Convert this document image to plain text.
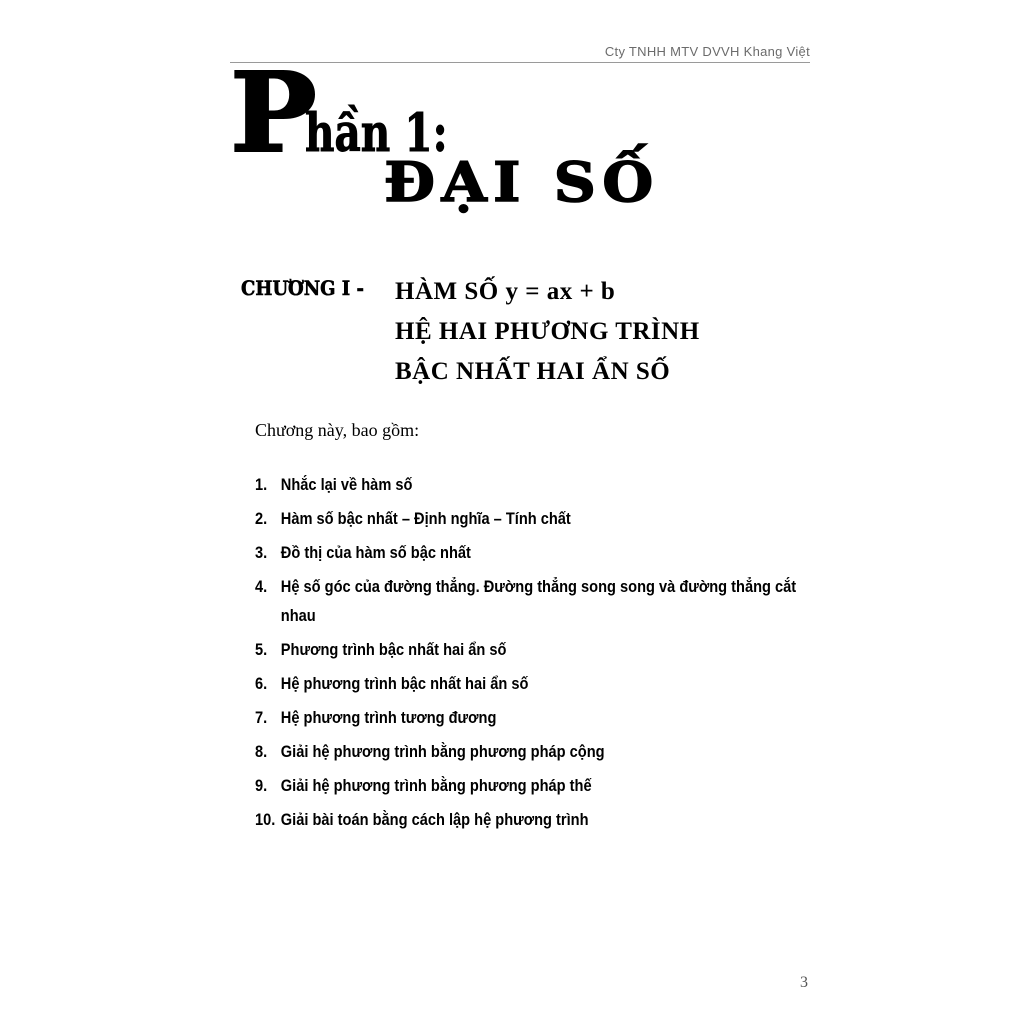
Cty TNHH MTV DVVH Khang Việt
Phần 1:
ĐẠI SỐ
CHƯƠNG I - HÀM SỐ y = ax + b
HỆ HAI PHƯƠNG TRÌNH
BẬC NHẤT HAI ẨN SỐ
Chương này, bao gồm:
1. Nhắc lại về hàm số
2. Hàm số bậc nhất – Định nghĩa – Tính chất
3. Đồ thị của hàm số bậc nhất
4. Hệ số góc của đường thẳng. Đường thẳng song song và đường thẳng cắt nhau
5. Phương trình bậc nhất hai ẩn số
6. Hệ phương trình bậc nhất hai ẩn số
7. Hệ phương trình tương đương
8. Giải hệ phương trình bằng phương pháp cộng
9. Giải hệ phương trình bằng phương pháp thế
10. Giải bài toán bằng cách lập hệ phương trình
3
